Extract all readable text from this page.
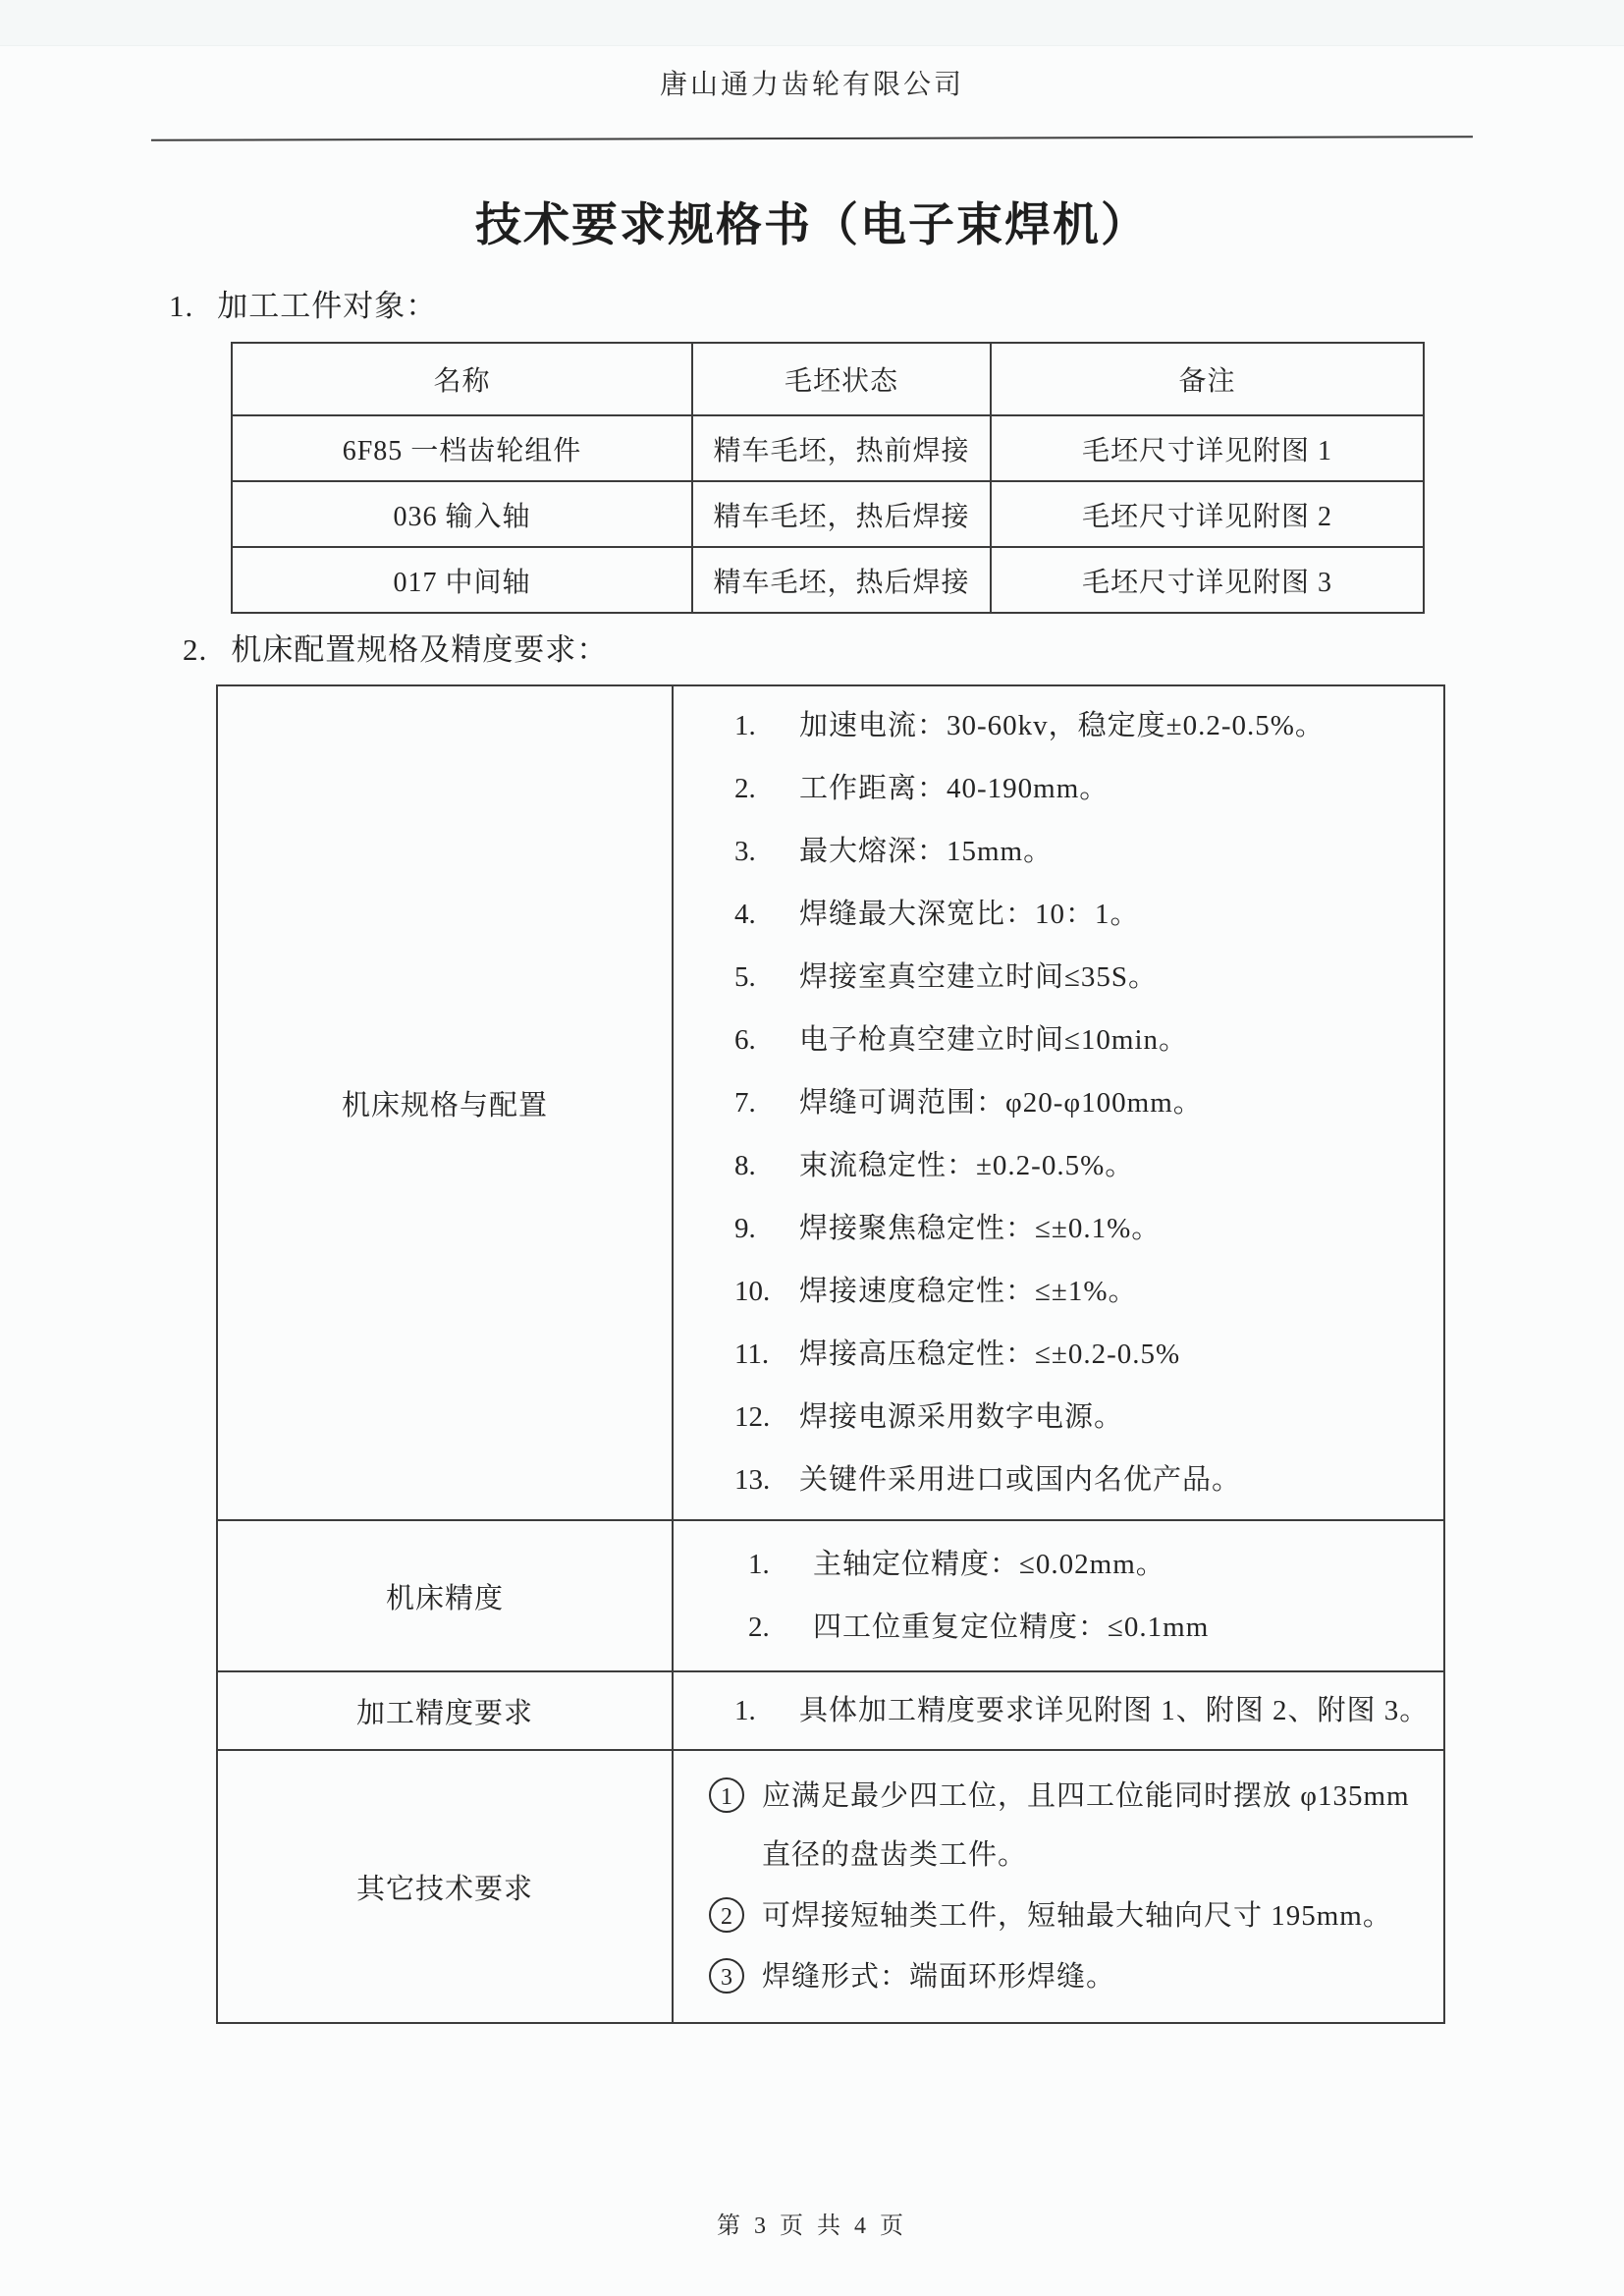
唐山通力齿轮有限公司
技术要求规格书（电子束焊机）
1. 加工工件对象：
名称	毛坯状态	备注
6F85 一档齿轮组件	精车毛坯，热前焊接	毛坯尺寸详见附图 1
036 输入轴	精车毛坯，热后焊接	毛坯尺寸详见附图 2
017 中间轴	精车毛坯，热后焊接	毛坯尺寸详见附图 3
2. 机床配置规格及精度要求：
机床规格与配置	
1.	加速电流：30-60kv，稳定度±0.2-0.5%。
2.	工作距离：40-190mm。
3.	最大熔深：15mm。
4.	焊缝最大深宽比：10：1。
5.	焊接室真空建立时间≤35S。
6.	电子枪真空建立时间≤10min。
7.	焊缝可调范围：φ20-φ100mm。
8.	束流稳定性：±0.2-0.5%。
9.	焊接聚焦稳定性：≤±0.1%。
10.	焊接速度稳定性：≤±1%。
11.	焊接高压稳定性：≤±0.2-0.5%
12.	焊接电源采用数字电源。
13.	关键件采用进口或国内名优产品。

机床精度	1. 主轴定位精度：≤0.02mm。
2. 四工位重复定位精度：≤0.1mm

加工精度要求	1. 具体加工精度要求详见附图 1、附图 2、附图 3。

其它技术要求	
1	应满足最少四工位，且四工位能同时摆放 φ135mm 直径的盘齿类工件。
2	可焊接短轴类工件，短轴最大轴向尺寸 195mm。
3	焊缝形式：端面环形焊缝。
第 3 页 共 4 页
